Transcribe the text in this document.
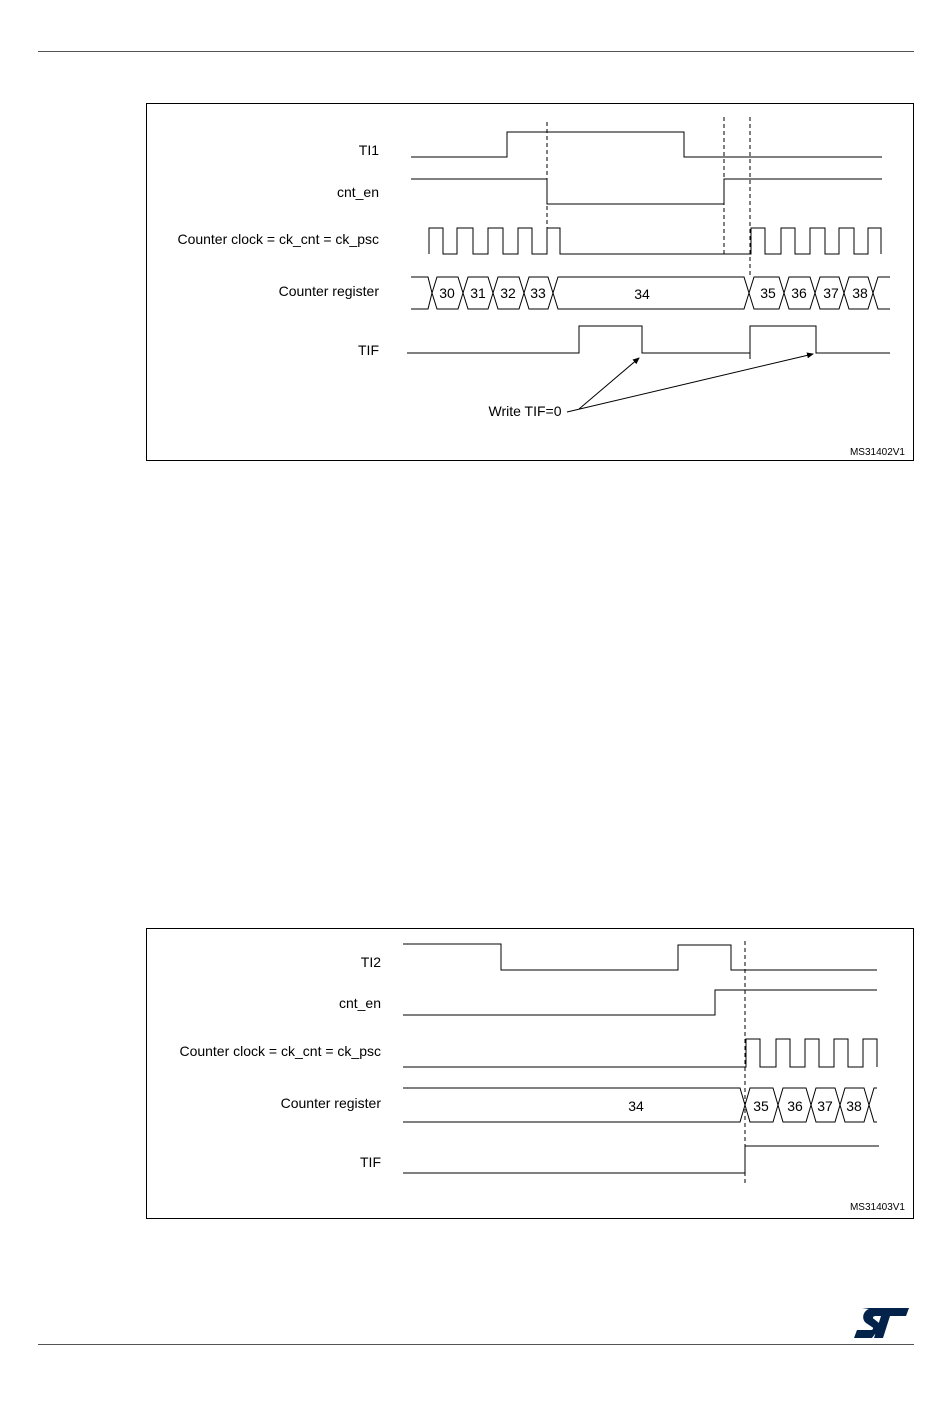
TI1
cnt_en
Counter clock = ck_cnt = ck_psc
Counter register
TIF
30 31 32 33	34	35 36 37 38
Write TIF=0
MS31402V1
TI2
cnt_en
Counter clock = ck_cnt = ck_psc
Counter register
TIF
34	35 36 37 38
MS31403V1
